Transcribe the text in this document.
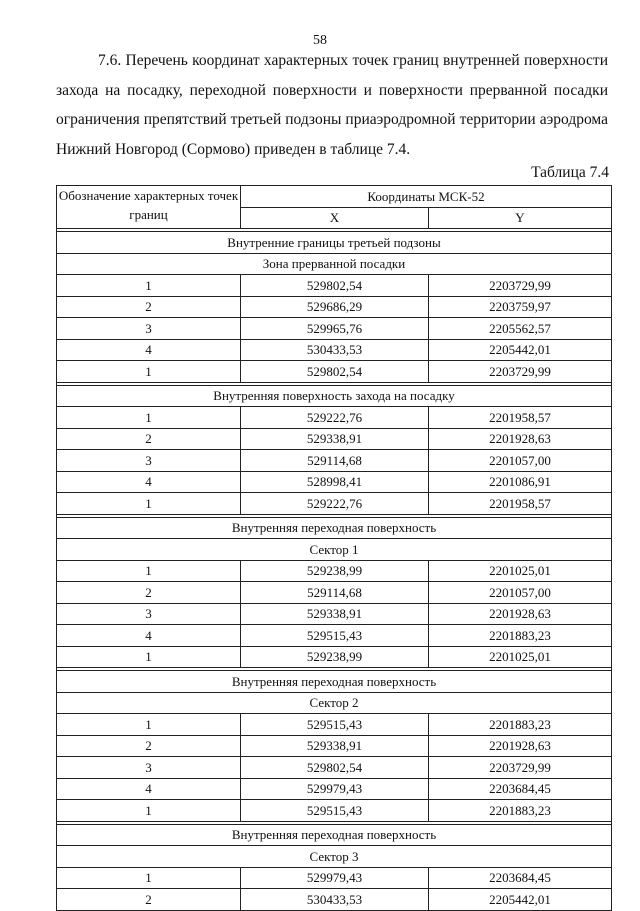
58

7.6. Перечень координат характерных точек границ внутренней поверхности захода на посадку, переходной поверхности и поверхности прерванной посадки ограничения препятствий третьей подзоны приаэродромной территории аэродрома Нижний Новгород (Сормово) приведен в таблице 7.4.

Таблица 7.4
Обозначение характерных точек границ	Координаты МСК-52	
	X	Y

Внутренние границы третьей подзоны		
Зона прерванной посадки		
1	529802,54	2203729,99
2	529686,29	2203759,97
3	529965,76	2205562,57
4	530433,53	2205442,01
1	529802,54	2203729,99

Внутренняя поверхность захода на посадку		
1	529222,76	2201958,57
2	529338,91	2201928,63
3	529114,68	2201057,00
4	528998,41	2201086,91
1	529222,76	2201958,57

Внутренняя переходная поверхность		
Сектор 1		
1	529238,99	2201025,01
2	529114,68	2201057,00
3	529338,91	2201928,63
4	529515,43	2201883,23
1	529238,99	2201025,01

Внутренняя переходная поверхность		
Сектор 2		
1	529515,43	2201883,23
2	529338,91	2201928,63
3	529802,54	2203729,99
4	529979,43	2203684,45
1	529515,43	2201883,23

Внутренняя переходная поверхность		
Сектор 3		
1	529979,43	2203684,45
2	530433,53	2205442,01
